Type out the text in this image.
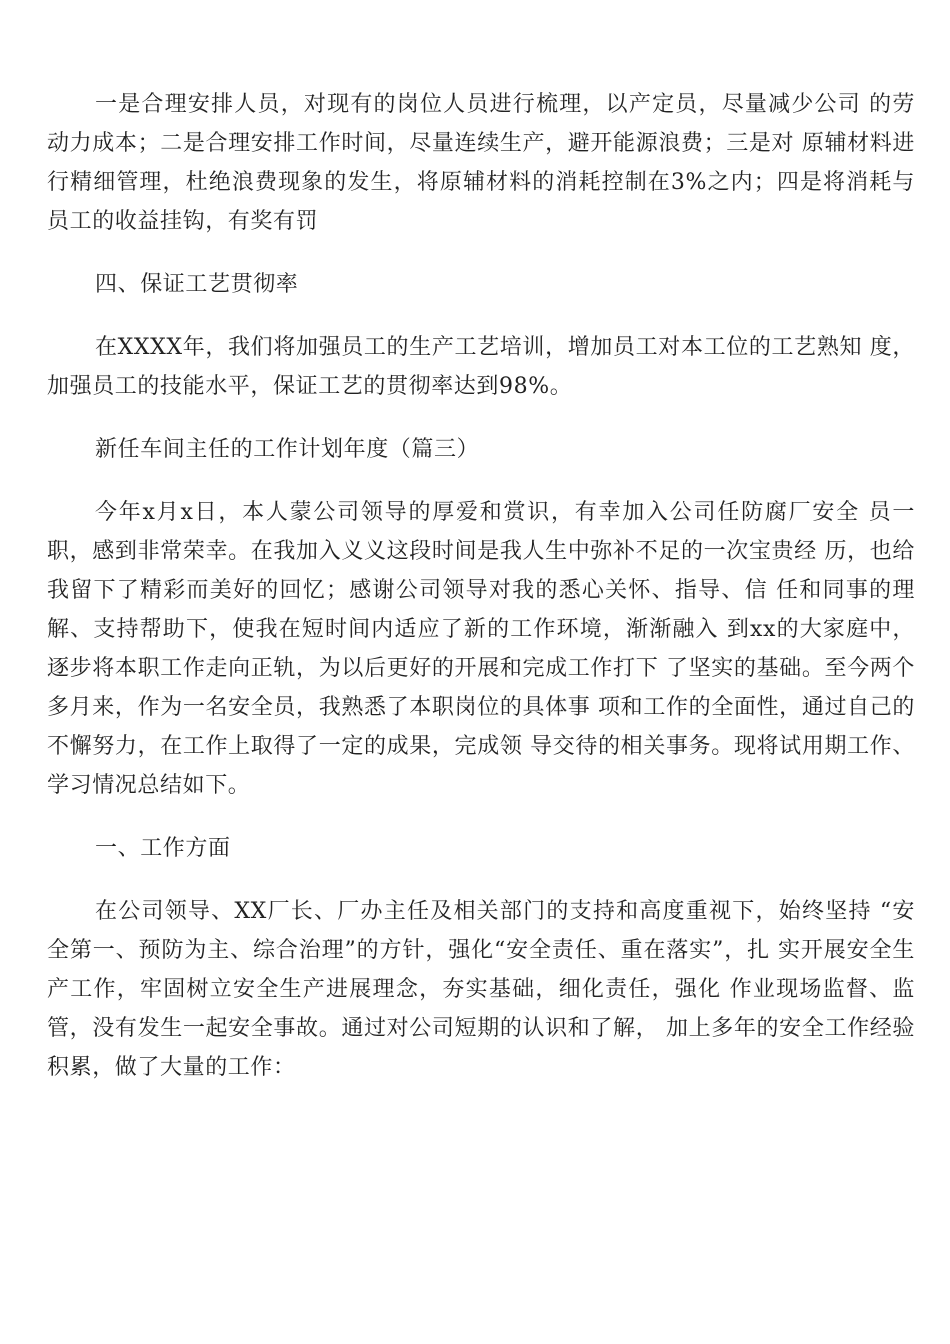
一是合理安排人员，对现有的岗位人员进行梳理，以产定员，尽量减少公司 的劳动力成本；二是合理安排工作时间，尽量连续生产，避开能源浪费；三是对 原辅材料进行精细管理，杜绝浪费现象的发生，将原辅材料的消耗控制在3%之内；四是将消耗与员工的收益挂钩，有奖有罚

四、保证工艺贯彻率

在XXXX年，我们将加强员工的生产工艺培训，增加员工对本工位的工艺熟知 度，加强员工的技能水平，保证工艺的贯彻率达到98%。

新任车间主任的工作计划年度（篇三）

今年x月x日，本人蒙公司领导的厚爱和赏识，有幸加入公司任防腐厂安全 员一职，感到非常荣幸。在我加入义义这段时间是我人生中弥补不足的一次宝贵经 历，也给我留下了精彩而美好的回忆；感谢公司领导对我的悉心关怀、指导、信 任和同事的理解、支持帮助下，使我在短时间内适应了新的工作环境，渐渐融入 到xx的大家庭中，逐步将本职工作走向正轨，为以后更好的开展和完成工作打下 了坚实的基础。至今两个多月来，作为一名安全员，我熟悉了本职岗位的具体事 项和工作的全面性，通过自己的不懈努力，在工作上取得了一定的成果，完成领 导交待的相关事务。现将试用期工作、学习情况总结如下。

一、工作方面

在公司领导、XX厂长、厂办主任及相关部门的支持和高度重视下，始终坚持 “安全第一、预防为主、综合治理”的方针，强化“安全责任、重在落实”，扎 实开展安全生产工作，牢固树立安全生产进展理念，夯实基础，细化责任，强化 作业现场监督、监管，没有发生一起安全事故。通过对公司短期的认识和了解， 加上多年的安全工作经验积累，做了大量的工作：
